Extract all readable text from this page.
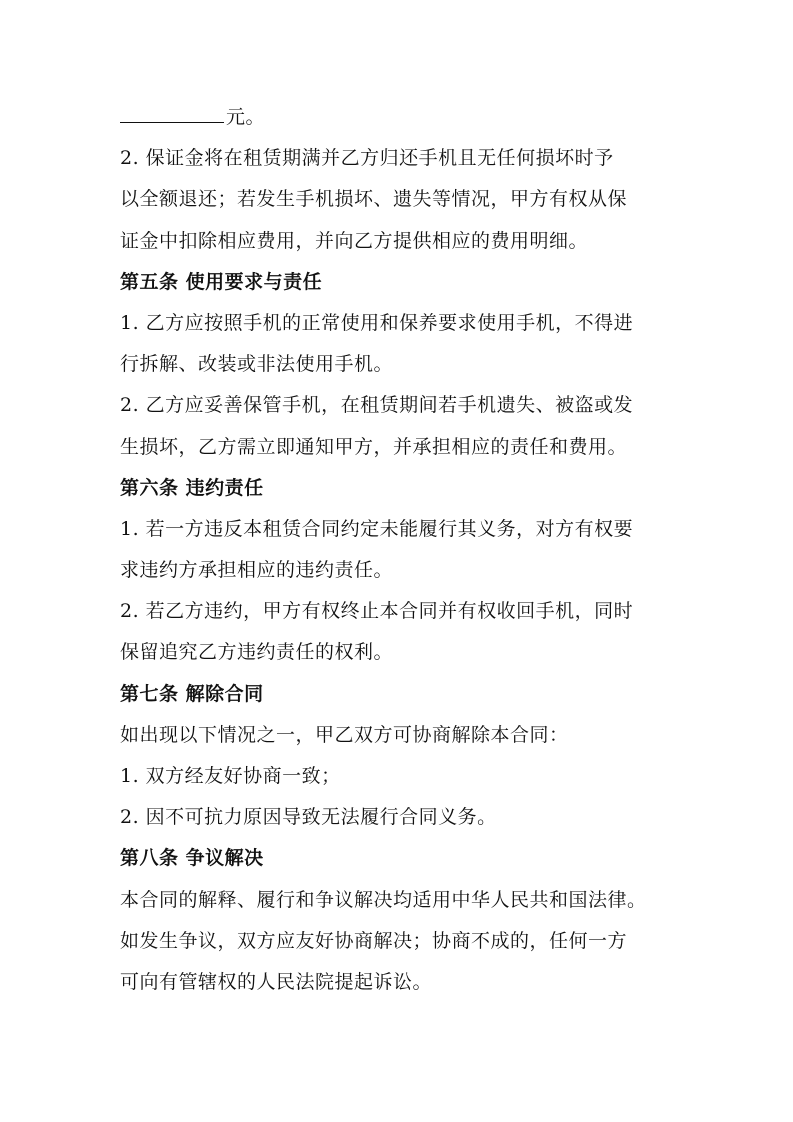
元。
2. 保证金将在租赁期满并乙方归还手机且无任何损坏时予
以全额退还；若发生手机损坏、遗失等情况，甲方有权从保
证金中扣除相应费用，并向乙方提供相应的费用明细。
第五条 使用要求与责任
1. 乙方应按照手机的正常使用和保养要求使用手机，不得进
行拆解、改装或非法使用手机。
2. 乙方应妥善保管手机，在租赁期间若手机遗失、被盗或发
生损坏，乙方需立即通知甲方，并承担相应的责任和费用。
第六条 违约责任
1. 若一方违反本租赁合同约定未能履行其义务，对方有权要
求违约方承担相应的违约责任。
2. 若乙方违约，甲方有权终止本合同并有权收回手机，同时
保留追究乙方违约责任的权利。
第七条 解除合同
如出现以下情况之一，甲乙双方可协商解除本合同：
1. 双方经友好协商一致；
2. 因不可抗力原因导致无法履行合同义务。
第八条 争议解决
本合同的解释、履行和争议解决均适用中华人民共和国法律。
如发生争议，双方应友好协商解决；协商不成的，任何一方
可向有管辖权的人民法院提起诉讼。
